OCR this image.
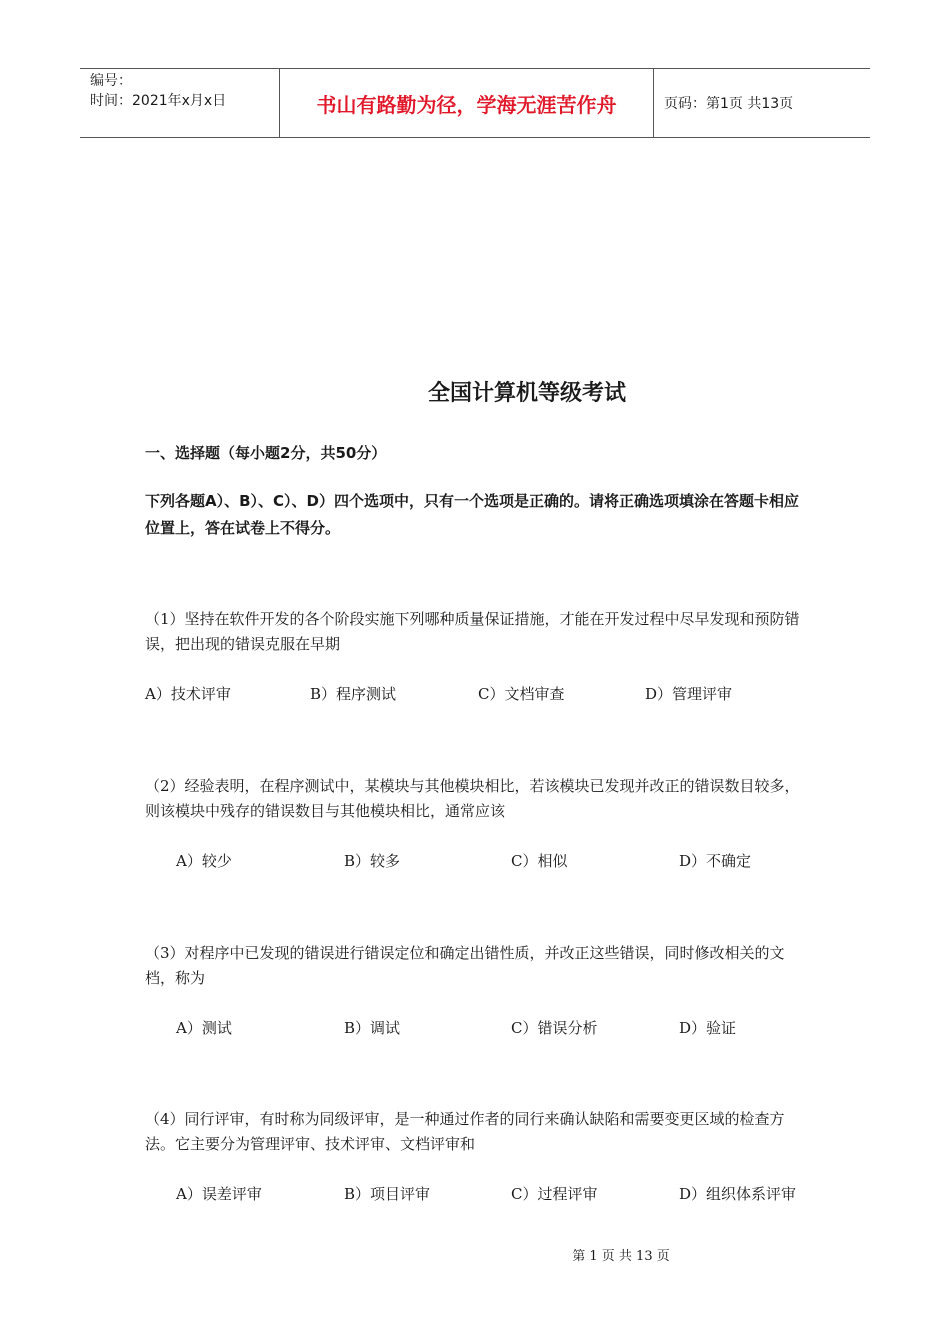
编号：
时间：2021年x月x日	书山有路勤为径，学海无涯苦作舟	页码：第1页 共13页
全国计算机等级考试
一、选择题（每小题2分，共50分）
下列各题A）、B）、C）、D）四个选项中，只有一个选项是正确的。请将正确选项填涂在答题卡相应位置上，答在试卷上不得分。
（1）坚持在软件开发的各个阶段实施下列哪种质量保证措施，才能在开发过程中尽早发现和预防错误，把出现的错误克服在早期
A）技术评审	B）程序测试	C）文档审查	D）管理评审
（2）经验表明，在程序测试中，某模块与其他模块相比，若该模块已发现并改正的错误数目较多，则该模块中残存的错误数目与其他模块相比，通常应该
A）较少	B）较多	C）相似	D）不确定
（3）对程序中已发现的错误进行错误定位和确定出错性质，并改正这些错误，同时修改相关的文档，称为
A）测试	B）调试	C）错误分析	D）验证
（4）同行评审，有时称为同级评审，是一种通过作者的同行来确认缺陷和需要变更区域的检查方法。它主要分为管理评审、技术评审、文档评审和
A）误差评审	B）项目评审	C）过程评审	D）组织体系评审
第 1 页 共 13 页
